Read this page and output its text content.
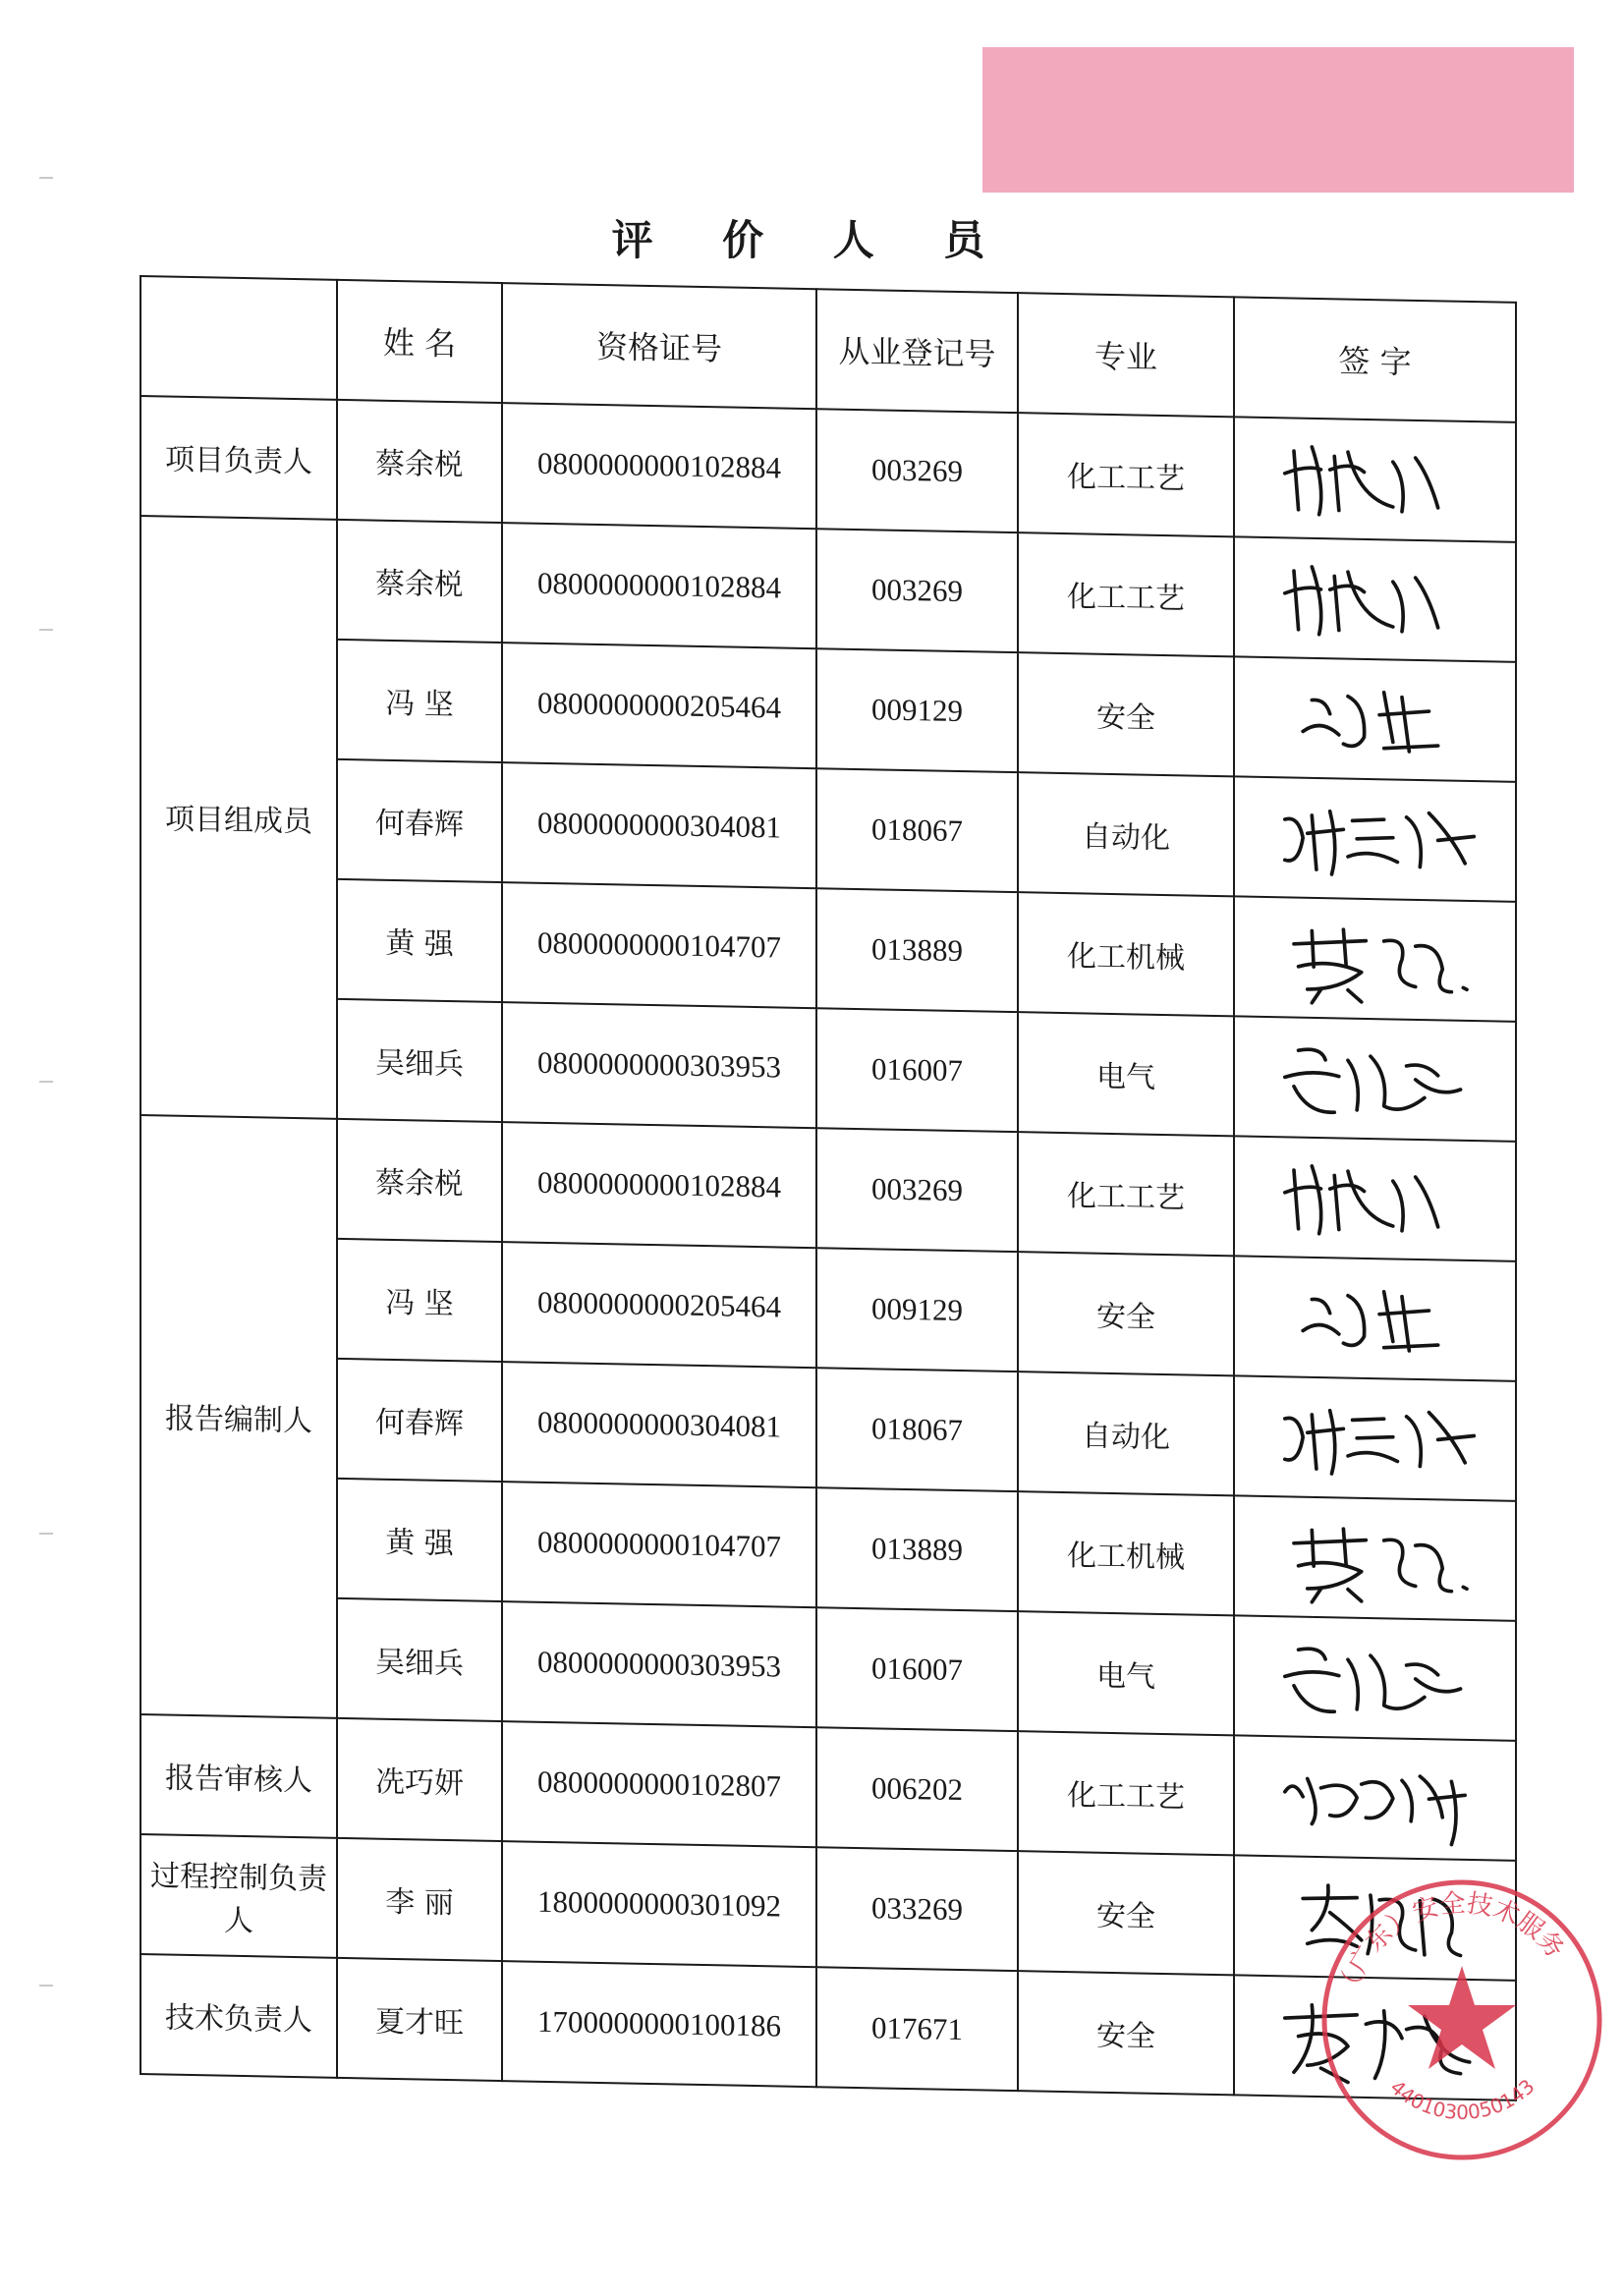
评 价 人 员
	姓 名	资格证号	从业登记号	专业	签 字
项目负责人	蔡余棁	0800000000102884	003269	化工工艺	

项目组成员	蔡余棁	0800000000102884	003269	化工工艺	

	冯 坚	0800000000205464	009129	安全	

	何春辉	0800000000304081	018067	自动化	

	黄 强	0800000000104707	013889	化工机械	

	吴细兵	0800000000303953	016007	电气	

报告编制人	蔡余棁	0800000000102884	003269	化工工艺	

	冯 坚	0800000000205464	009129	安全	

	何春辉	0800000000304081	018067	自动化	

	黄 强	0800000000104707	013889	化工机械	

	吴细兵	0800000000303953	016007	电气	

报告审核人	冼巧妍	0800000000102807	006202	化工工艺	

过程控制负责人	李 丽	1800000000301092	033269	安全	

技术负责人	夏才旺	1700000000100186	017671	安全	
（广东）安全技术服务
4401030050143
